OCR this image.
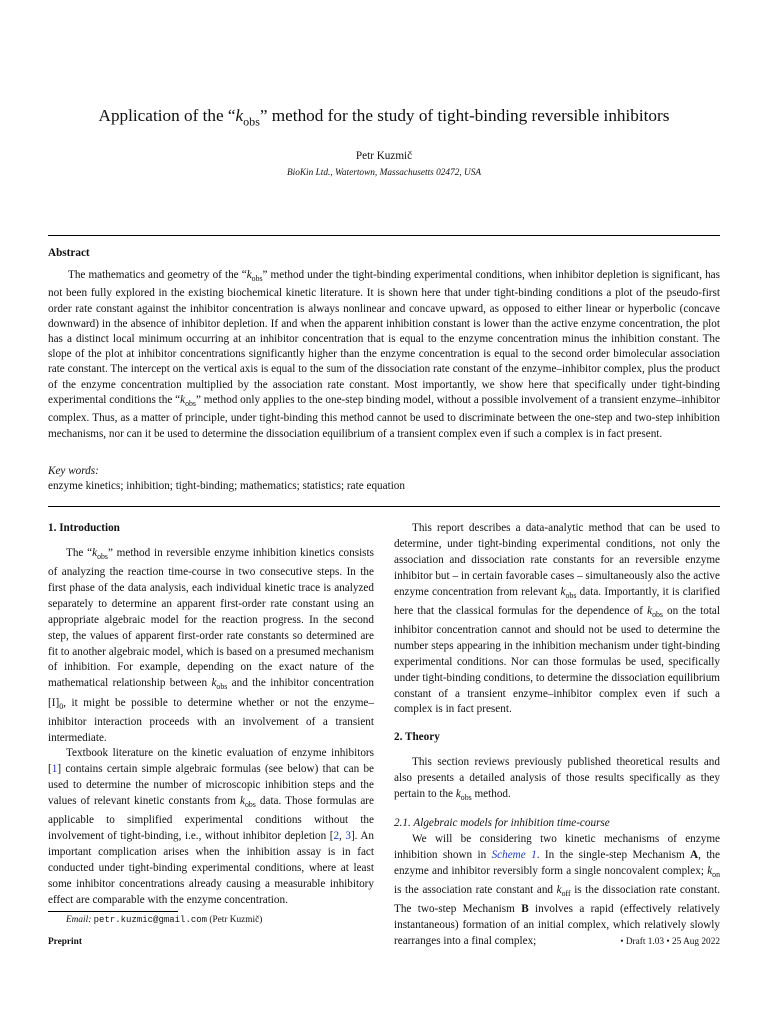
Application of the “$k_{obs}$” method for the study of tight-binding reversible inhibitors
Petr Kuzmič
BioKin Ltd., Watertown, Massachusetts 02472, USA
Abstract

The mathematics and geometry of the “$k_{obs}$” method under the tight-binding experimental conditions, when inhibitor depletion is significant, has not been fully explored in the existing biochemical kinetic literature. It is shown here that under tight-binding conditions a plot of the pseudo-first order rate constant against the inhibitor concentration is always nonlinear and concave upward, as opposed to either linear or hyperbolic (concave downward) in the absence of inhibitor depletion. If and when the apparent inhibition constant is lower than the active enzyme concentration, the plot has a distinct local minimum occurring at an inhibitor concentration that is equal to the enzyme concentration minus the inhibition constant. The slope of the plot at inhibitor concentrations significantly higher than the enzyme concentration is equal to the second order bimolecular association rate constant. The intercept on the vertical axis is equal to the sum of the dissociation rate constant of the enzyme–inhibitor complex, plus the product of the enzyme concentration multiplied by the association rate constant. Most importantly, we show here that specifically under tight-binding experimental conditions the “$k_{obs}$” method only applies to the one-step binding model, without a possible involvement of a transient enzyme–inhibitor complex. Thus, as a matter of principle, under tight-binding this method cannot be used to discriminate between the one-step and two-step inhibition mechanisms, nor can it be used to determine the dissociation equilibrium of a transient complex even if such a complex is in fact present.

Key words:
enzyme kinetics; inhibition; tight-binding; mathematics; statistics; rate equation
1. Introduction

The “$k_{obs}$” method in reversible enzyme inhibition kinetics consists of analyzing the reaction time-course in two consecutive steps. In the first phase of the data analysis, each individual kinetic trace is analyzed separately to determine an apparent first-order rate constant using an appropriate algebraic model for the reaction progress. In the second step, the values of apparent first-order rate constants so determined are fit to another algebraic model, which is based on a presumed mechanism of inhibition. For example, depending on the exact nature of the mathematical relationship between $k_{obs}$ and the inhibitor concentration $[I]_0$, it might be possible to determine whether or not the enzyme–inhibitor interaction proceeds with an involvement of a transient intermediate.

Textbook literature on the kinetic evaluation of enzyme inhibitors [1] contains certain simple algebraic formulas (see below) that can be used to determine the number of microscopic inhibition steps and the values of relevant kinetic constants from $k_{obs}$ data. Those formulas are applicable to simplified experimental conditions without the involvement of tight-binding, i.e., without inhibitor depletion [2, 3]. An important complication arises when the inhibition assay is in fact conducted under tight-binding experimental conditions, where at least some inhibitor concentrations already causing a measurable inhibitory effect are comparable with the enzyme concentration.

This report describes a data-analytic method that can be used to determine, under tight-binding experimental conditions, not only the association and dissociation rate constants for an reversible enzyme inhibitor but – in certain favorable cases – simultaneously also the active enzyme concentration from relevant $k_{obs}$ data. Importantly, it is clarified here that the classical formulas for the dependence of $k_{obs}$ on the total inhibitor concentration cannot and should not be used to determine the number steps appearing in the inhibition mechanism under tight-binding experimental conditions. Nor can those formulas be used, specifically under tight-binding conditions, to determine the dissociation equilibrium constant of a transient enzyme–inhibitor complex even if such a complex is in fact present.

2. Theory

This section reviews previously published theoretical results and also presents a detailed analysis of those results specifically as they pertain to the $k_{obs}$ method.

2.1. Algebraic models for inhibition time-course

We will be considering two kinetic mechanisms of enzyme inhibition shown in Scheme 1. In the single-step Mechanism A, the enzyme and inhibitor reversibly form a single noncovalent complex; $k_{on}$ is the association rate constant and $k_{off}$ is the dissociation rate constant. The two-step Mechanism B involves a rapid (effectively relatively instantaneous) formation of an initial complex, which relatively slowly rearranges into a final complex;

Email: petr.kuzmic@gmail.com (Petr Kuzmič)
Preprint	• Draft 1.03 • 25 Aug 2022
